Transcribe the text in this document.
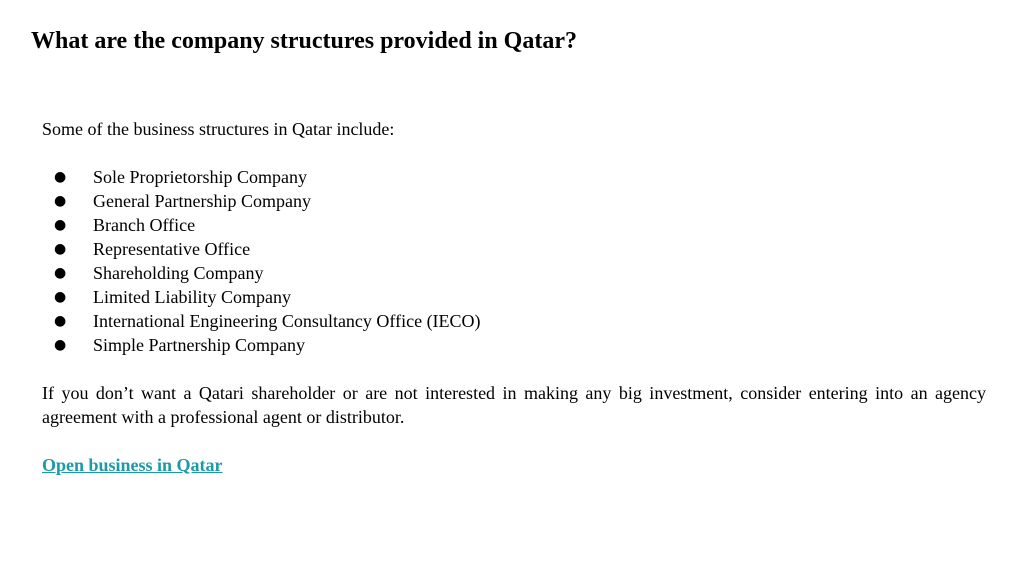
What are the company structures provided in Qatar?

Some of the business structures in Qatar include:

● Sole Proprietorship Company
● General Partnership Company
● Branch Office
● Representative Office
● Shareholding Company
● Limited Liability Company
● International Engineering Consultancy Office (IECO)
● Simple Partnership Company

If you don’t want a Qatari shareholder or are not interested in making any big investment, consider entering into an agency agreement with a professional agent or distributor.

Open business in Qatar
